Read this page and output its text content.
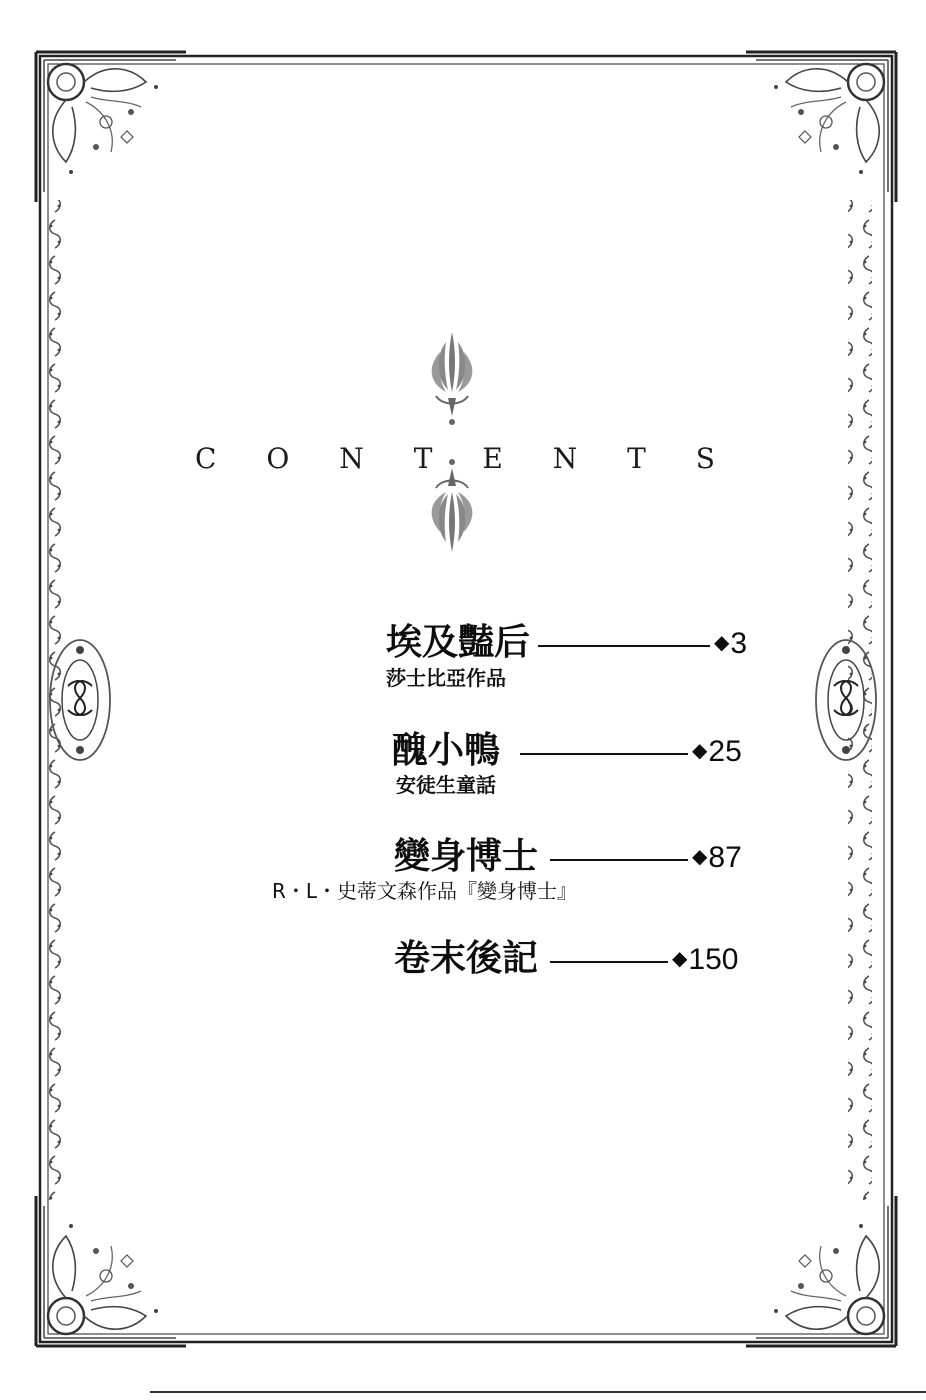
C O N T E N T S
埃及豔后	◆3
莎士比亞作品
醜小鴨	◆25
安徒生童話
變身博士	◆87
R・L・史蒂文森作品『變身博士』
卷末後記	◆150
